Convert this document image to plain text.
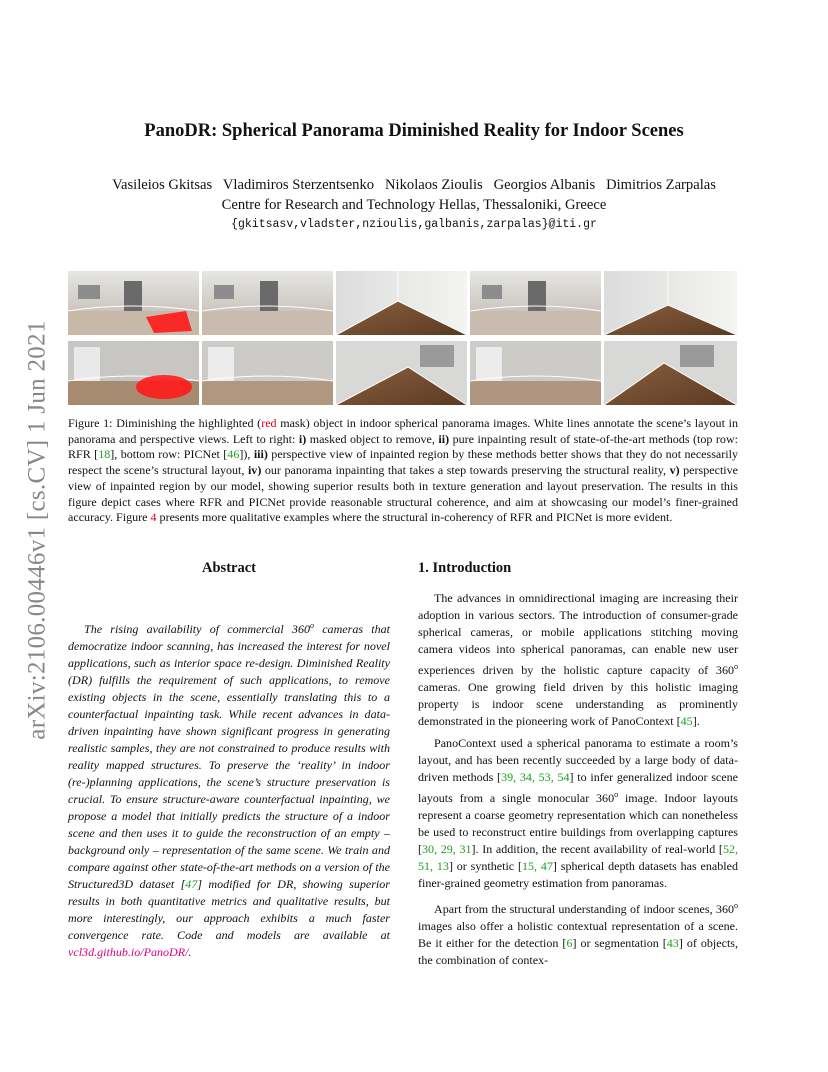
arXiv:2106.00446v1 [cs.CV] 1 Jun 2021
PanoDR: Spherical Panorama Diminished Reality for Indoor Scenes
Vasileios Gkitsas   Vladimiros Sterzentsenko   Nikolaos Zioulis   Georgios Albanis   Dimitrios Zarpalas
Centre for Research and Technology Hellas, Thessaloniki, Greece
{gkitsasv,vladster,nzioulis,galbanis,zarpalas}@iti.gr

Figure 1: Diminishing the highlighted (red mask) object in indoor spherical panorama images. White lines annotate the scene’s layout in panorama and perspective views. Left to right: i) masked object to remove, ii) pure inpainting result of state-of-the-art methods (top row: RFR [18], bottom row: PICNet [46]), iii) perspective view of inpainted region by these methods better shows that they do not necessarily respect the scene’s structural layout, iv) our panorama inpainting that takes a step towards preserving the structural reality, v) perspective view of inpainted region by our model, showing superior results both in texture generation and layout preservation. The results in this figure depict cases where RFR and PICNet provide reasonable structural coherence, and aim at showcasing our model’s finer-grained accuracy. Figure 4 presents more qualitative examples where the structural in-coherency of RFR and PICNet is more evident.

Abstract

The rising availability of commercial 360$^o$ cameras that democratize indoor scanning, has increased the interest for novel applications, such as interior space re-design. Diminished Reality (DR) fulfills the requirement of such applications, to remove existing objects in the scene, essentially translating this to a counterfactual inpainting task. While recent advances in data-driven inpainting have shown significant progress in generating realistic samples, they are not constrained to produce results with reality mapped structures. To preserve the ‘reality’ in indoor (re-)planning applications, the scene’s structure preservation is crucial. To ensure structure-aware counterfactual inpainting, we propose a model that initially predicts the structure of a indoor scene and then uses it to guide the reconstruction of an empty – background only – representation of the same scene. We train and compare against other state-of-the-art methods on a version of the Structured3D dataset [47] modified for DR, showing superior results in both quantitative metrics and qualitative results, but more interestingly, our approach exhibits a much faster convergence rate. Code and models are available at vcl3d.github.io/PanoDR/.

1. Introduction

The advances in omnidirectional imaging are increasing their adoption in various sectors. The introduction of consumer-grade spherical cameras, or mobile applications stitching moving camera videos into spherical panoramas, can enable new user experiences driven by the holistic capture capacity of 360$^o$ cameras. One growing field driven by this holistic imaging property is indoor scene understanding as prominently demonstrated in the pioneering work of PanoContext [45].

PanoContext used a spherical panorama to estimate a room’s layout, and has been recently succeeded by a large body of data-driven methods [39, 34, 53, 54] to infer generalized indoor scene layouts from a single monocular 360$^o$ image. Indoor layouts represent a coarse geometry representation which can nonetheless be used to reconstruct entire buildings from overlapping captures [30, 29, 31]. In addition, the recent availability of real-world [52, 51, 13] or synthetic [15, 47] spherical depth datasets has enabled finer-grained geometry estimation from panoramas.

Apart from the structural understanding of indoor scenes, 360$^o$ images also offer a holistic contextual representation of a scene. Be it either for the detection [6] or segmentation [43] of objects, the combination of contex-
